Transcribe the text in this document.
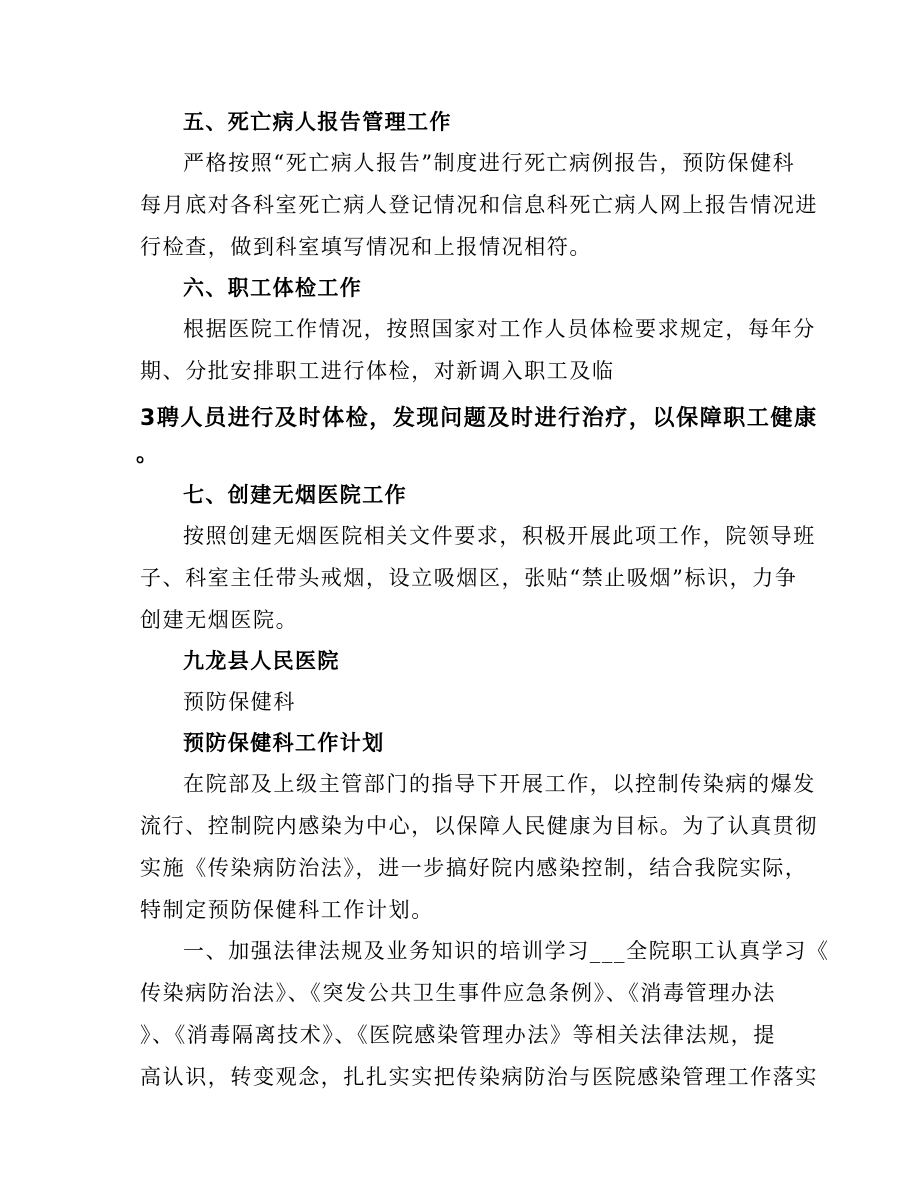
五、死亡病人报告管理工作
严格按照“死亡病人报告”制度进行死亡病例报告，预防保健科
每月底对各科室死亡病人登记情况和信息科死亡病人网上报告情况进
行检查，做到科室填写情况和上报情况相符。
六、职工体检工作
根据医院工作情况，按照国家对工作人员体检要求规定，每年分
期、分批安排职工进行体检，对新调入职工及临
3聘人员进行及时体检，发现问题及时进行治疗，以保障职工健康
。
七、创建无烟医院工作
按照创建无烟医院相关文件要求，积极开展此项工作，院领导班
子、科室主任带头戒烟，设立吸烟区，张贴“禁止吸烟”标识，力争
创建无烟医院。
九龙县人民医院
预防保健科
预防保健科工作计划
在院部及上级主管部门的指导下开展工作，以控制传染病的爆发
流行、控制院内感染为中心，以保障人民健康为目标。为了认真贯彻
实施《传染病防治法》，进一步搞好院内感染控制，结合我院实际，
特制定预防保健科工作计划。
一、加强法律法规及业务知识的培训学习___全院职工认真学习《
传染病防治法》、《突发公共卫生事件应急条例》、《消毒管理办法
》、《消毒隔离技术》、《医院感染管理办法》等相关法律法规，提
高认识，转变观念，扎扎实实把传染病防治与医院感染管理工作落实
